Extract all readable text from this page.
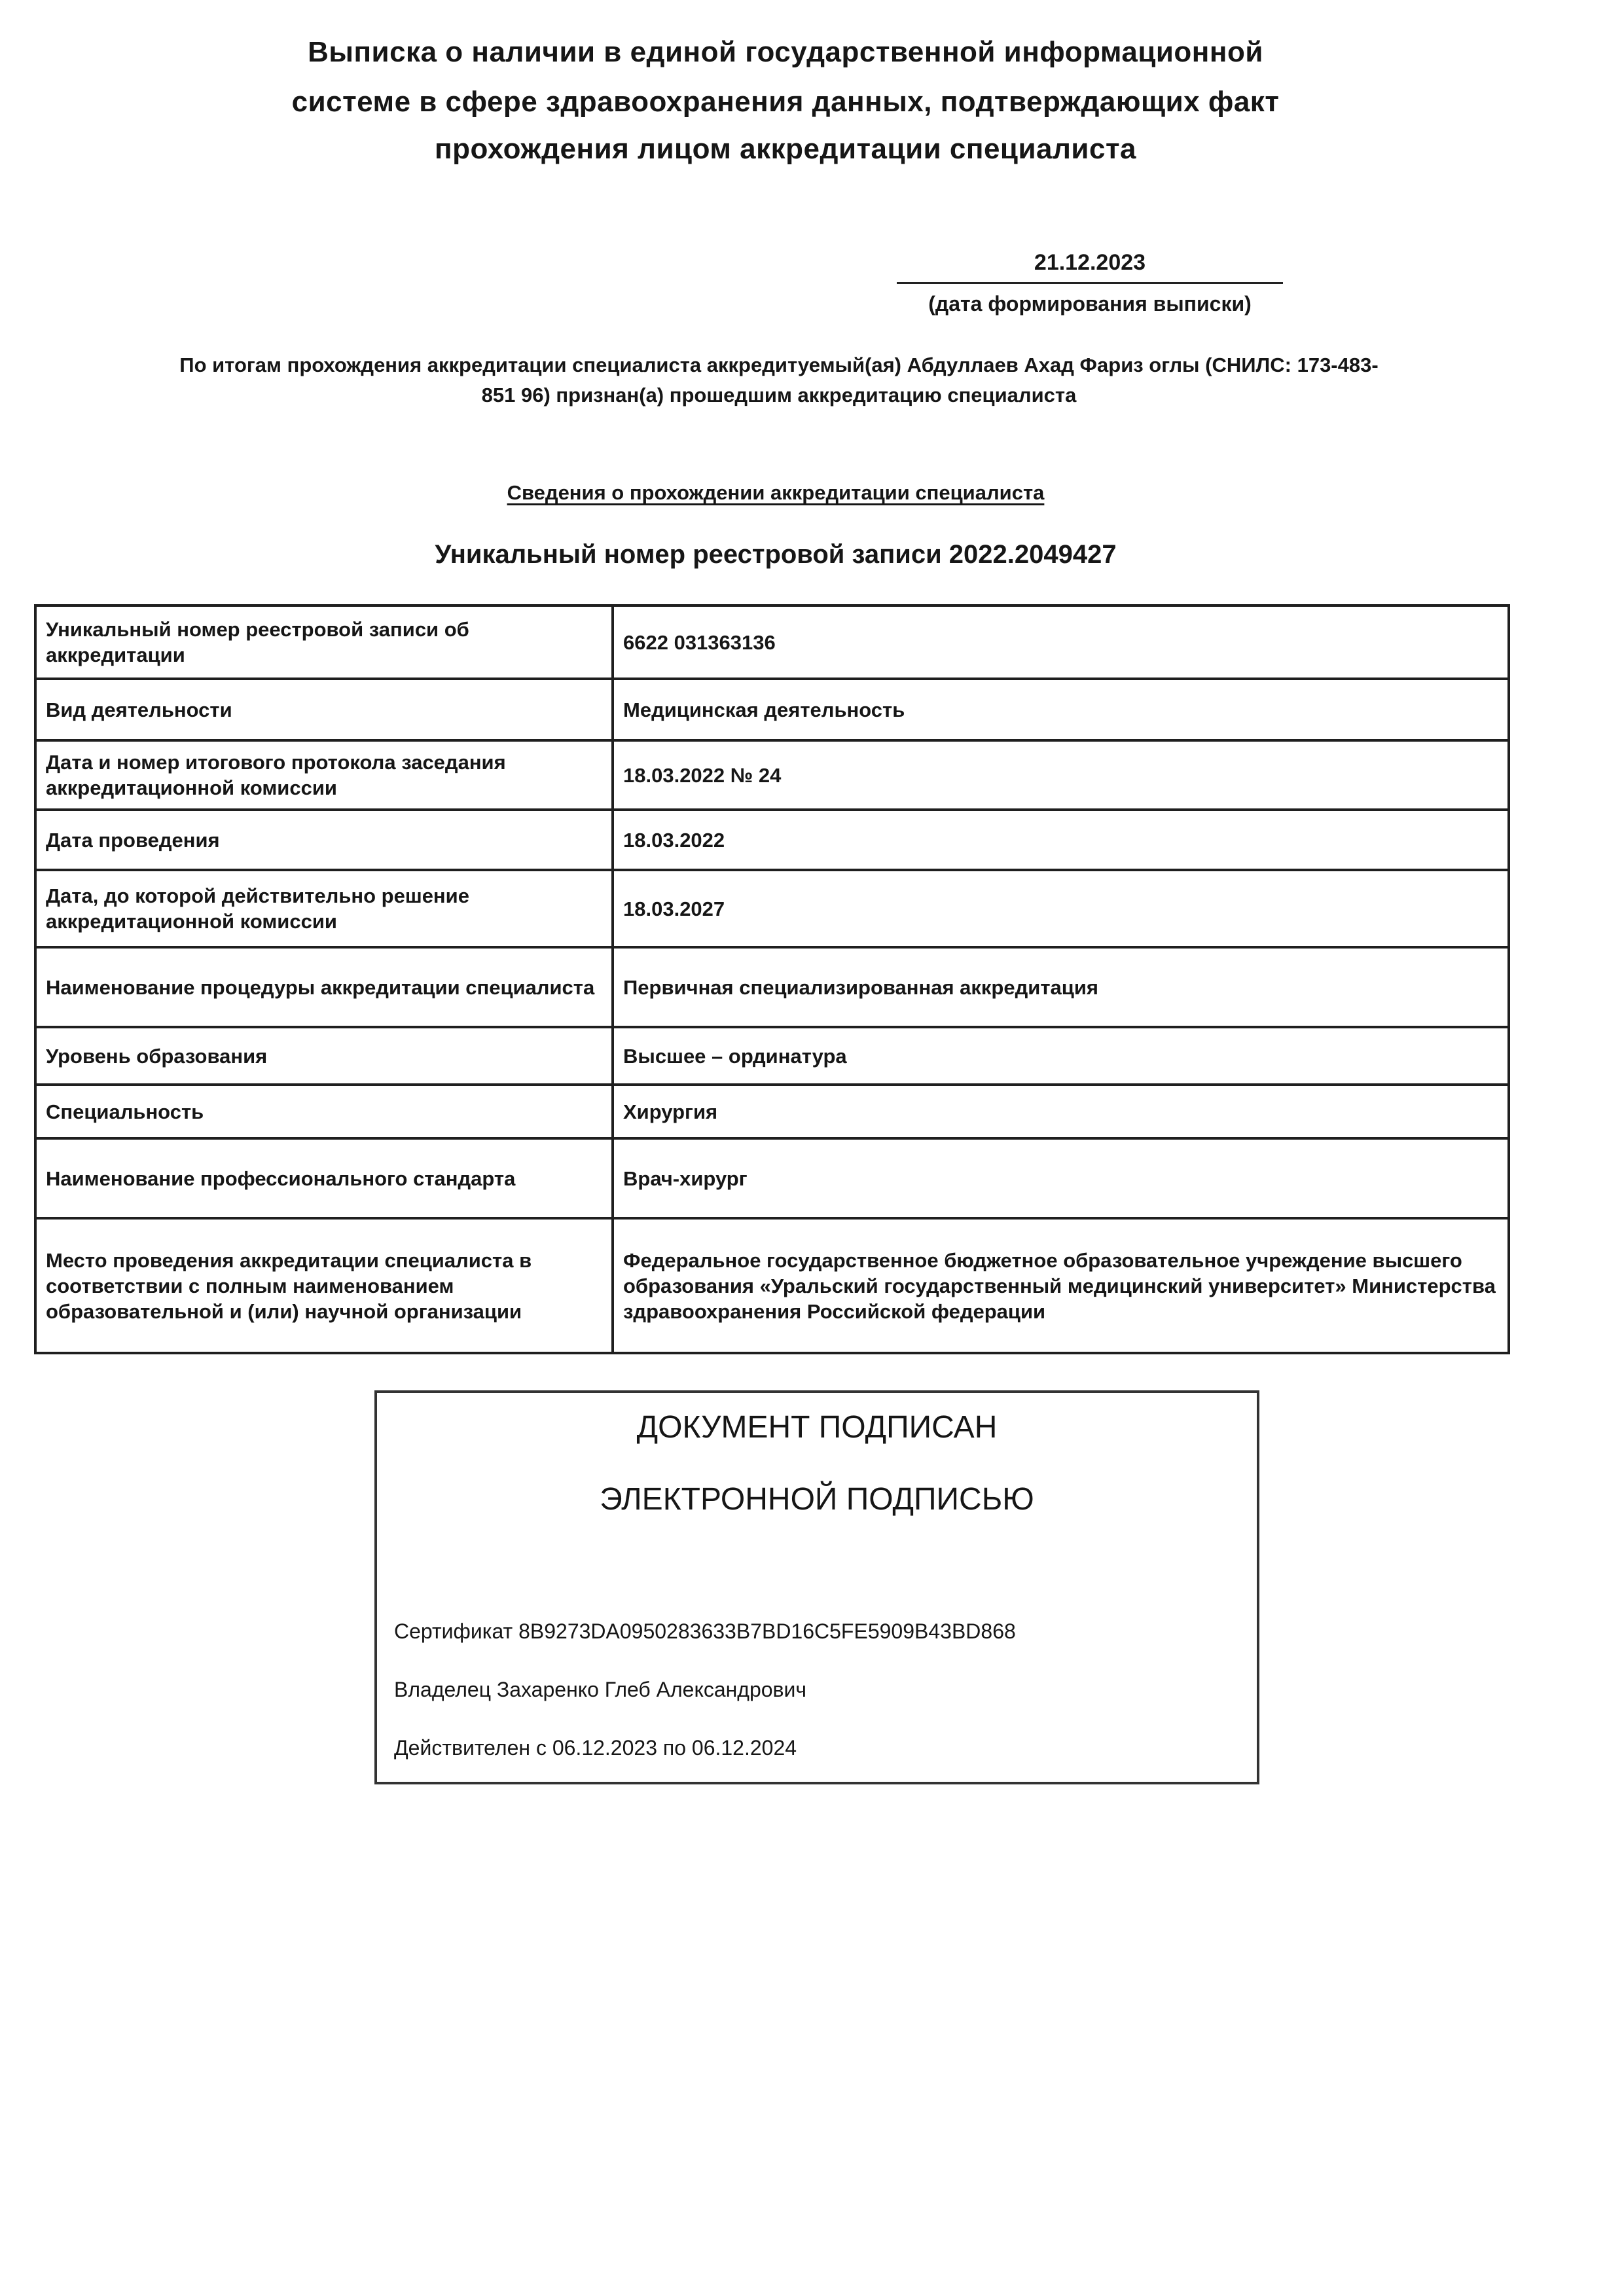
Выписка о наличии в единой государственной информационной
системе в сфере здравоохранения данных, подтверждающих факт
прохождения лицом аккредитации специалиста
21.12.2023
(дата формирования выписки)
По итогам прохождения аккредитации специалиста аккредитуемый(ая) Абдуллаев Ахад Фариз оглы (СНИЛС: 173-483-
851 96) признан(а) прошедшим аккредитацию специалиста
Сведения о прохождении аккредитации специалиста
Уникальный номер реестровой записи 2022.2049427
Уникальный номер реестровой записи об аккредитации	6622 031363136
Вид деятельности	Медицинская деятельность
Дата и номер итогового протокола заседания аккредитационной комиссии	18.03.2022 № 24
Дата проведения	18.03.2022
Дата, до которой действительно решение аккредитационной комиссии	18.03.2027
Наименование процедуры аккредитации специалиста	Первичная специализированная аккредитация
Уровень образования	Высшее – ординатура
Специальность	Хирургия
Наименование профессионального стандарта	Врач-хирург
Место проведения аккредитации специалиста в соответствии с полным наименованием образовательной и (или) научной организации	Федеральное государственное бюджетное образовательное учреждение высшего образования «Уральский государственный медицинский университет» Министерства здравоохранения Российской федерации
ДОКУМЕНТ ПОДПИСАН
ЭЛЕКТРОННОЙ ПОДПИСЬЮ
Сертификат 8B9273DA0950283633B7BD16C5FE5909B43BD868
Владелец Захаренко Глеб Александрович
Действителен с 06.12.2023 по 06.12.2024
